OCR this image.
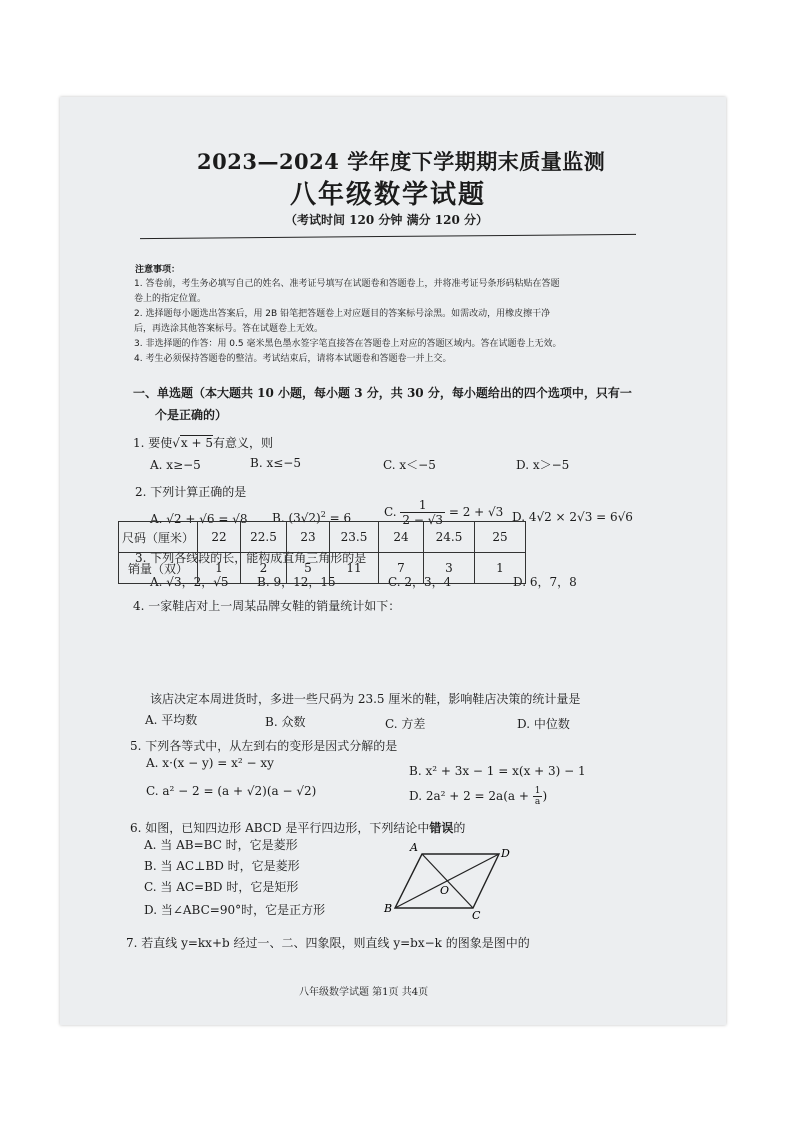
2023—2024 学年度下学期期末质量监测
八年级数学试题
（考试时间 120 分钟 满分 120 分）
注意事项：
1. 答卷前，考生务必填写自己的姓名、准考证号填写在试题卷和答题卷上，并将准考证号条形码粘贴在答题
卷上的指定位置。
2. 选择题每小题选出答案后，用 2B 铅笔把答题卷上对应题目的答案标号涂黑。如需改动，用橡皮擦干净
后，再选涂其他答案标号。答在试题卷上无效。
3. 非选择题的作答：用 0.5 毫米黑色墨水签字笔直接答在答题卷上对应的答题区域内。答在试题卷上无效。
4. 考生必须保持答题卷的整洁。考试结束后，请将本试题卷和答题卷一并上交。
一、单选题（本大题共 10 小题，每小题 3 分，共 30 分，每小题给出的四个选项中，只有一
个是正确的）
1. 要使√x + 5有意义，则
A. x≥−5	B. x≤−5	C. x＜−5	D. x＞−5
2. 下列计算正确的是
A. √2 + √6 = √8 B. $(3√2)^2 = 6$	C. $\frac{1}{2 - √3} = 2 + √3$ D. 4√2 × 2√3 = 6√6
3. 下列各线段的长，能构成直角三角形的是
A. √3，2，√5 B. 9，12，15	C. 2，3，4	D. 6，7，8
4. 一家鞋店对上一周某品牌女鞋的销量统计如下：
尺码（厘米）	22	22.5	23	23.5	24	24.5	25
销量（双）	1	2	5	11	7	3	1
该店决定本周进货时，多进一些尺码为 23.5 厘米的鞋，影响鞋店决策的统计量是
A. 平均数	B. 众数	C. 方差	D. 中位数
5. 下列各等式中，从左到右的变形是因式分解的是
A. x·(x − y) = x² − xy
B. x² + 3x − 1 = x(x + 3) − 1
C. a² − 2 = (a + √2)(a − √2)	D. $2a^2 + 2 = 2a(a + \frac{1}{a}$ )
6. 如图，已知四边形 ABCD 是平行四边形，下列结论中错误的
A. 当 AB=BC 时，它是菱形
B. 当 AC⊥BD 时，它是菱形
C. 当 AC=BD 时，它是矩形
D. 当∠ABC=90°时，它是正方形
A	D
B
C
O
7. 若直线 y=kx+b 经过一、二、四象限，则直线 y=bx−k 的图象是图中的
八年级数学试题 第1页 共4页
